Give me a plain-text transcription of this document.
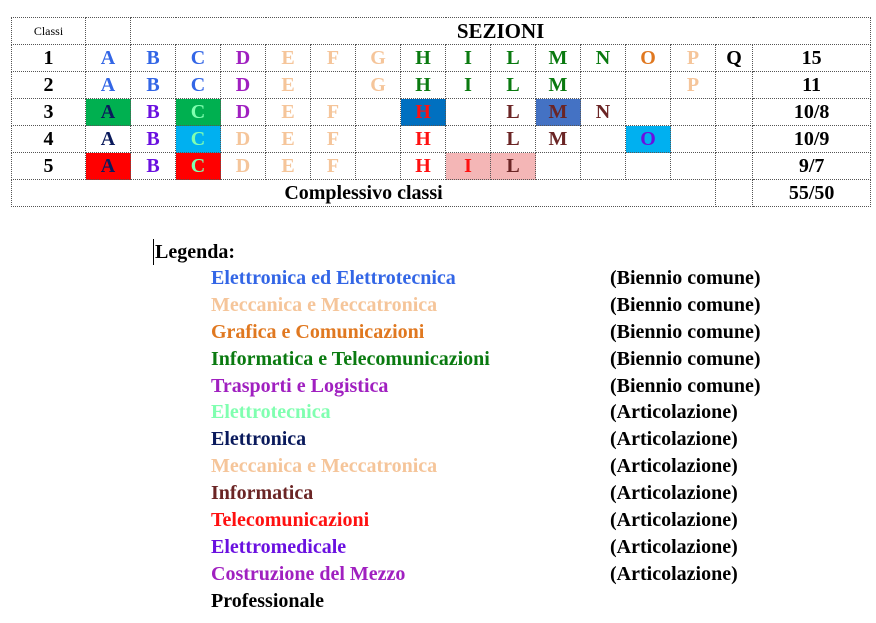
Classi		SEZIONI														
1	A	B	C	D	E	F	G	H	I	L	M	N	O	P	Q	15
2	A	B	C	D	E		G	H	I	L	M			P		11
3	A	B	C	D	E	F		H		L	M	N				10/8
4	A	B	C	D	E	F		H		L	M		O			10/9
5	A	B	C	D	E	F		H	I	L						9/7
Complessivo classi																55/50
Legenda:
Elettronica ed Elettrotecnica	(Biennio comune)
Meccanica e Meccatronica	(Biennio comune)
Grafica e Comunicazioni	(Biennio comune)
Informatica e Telecomunicazioni	(Biennio comune)
Trasporti e Logistica	(Biennio comune)
Elettrotecnica	(Articolazione)
Elettronica	(Articolazione)
Meccanica e Meccatronica	(Articolazione)
Informatica	(Articolazione)
Telecomunicazioni	(Articolazione)
Elettromedicale	(Articolazione)
Costruzione del Mezzo	(Articolazione)
Professionale
